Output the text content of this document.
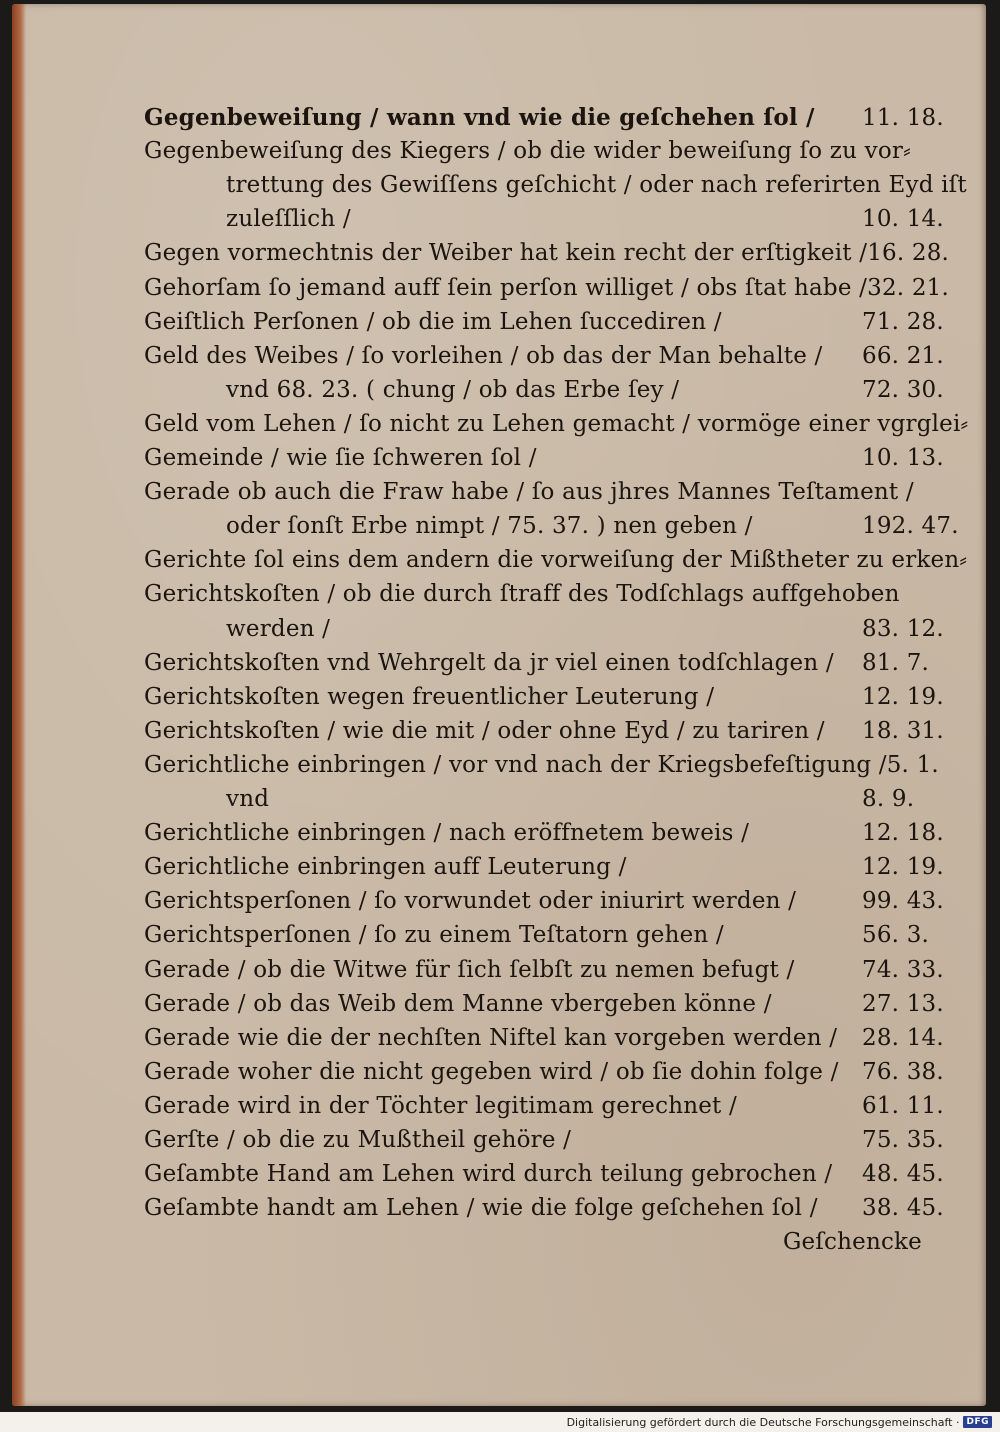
Gegenbeweiſung / wann vnd wie die geſchehen ſol /	11. 18.
Gegenbeweiſung des Kiegers / ob die wider beweiſung ſo zu vor⸗
trettung des Gewiſſens geſchicht / oder nach referirten Eyd iſt
zuleſſlich /	10. 14.
Gegen vormechtnis der Weiber hat kein recht der erſtigkeit / 16. 28.
Gehorſam ſo jemand auff ſein perſon williget / obs ſtat habe / 32. 21.
Geiſtlich Perſonen / ob die im Lehen ſuccediren /	71. 28.
Geld des Weibes / ſo vorleihen / ob das der Man behalte /	66. 21.
vnd 68. 23. ( chung / ob das Erbe ſey /	72. 30.
Geld vom Lehen / ſo nicht zu Lehen gemacht / vormöge einer vgrglei⸗
Gemeinde / wie ſie ſchweren ſol /	10. 13.
Gerade ob auch die Fraw habe / ſo aus jhres Mannes Teſtament /
oder ſonſt Erbe nimpt / 75. 37. ) nen geben /	192. 47.
Gerichte ſol eins dem andern die vorweiſung der Mißtheter zu erken⸗
Gerichtskoſten / ob die durch ſtraff des Todſchlags auffgehoben
werden /	83. 12.
Gerichtskoſten vnd Wehrgelt da jr viel einen todſchlagen /	81. 7.
Gerichtskoſten wegen freuentlicher Leuterung /	12. 19.
Gerichtskoſten / wie die mit / oder ohne Eyd / zu tariren /	18. 31.
Gerichtliche einbringen / vor vnd nach der Kriegsbefeſtigung / 5. 1.
vnd	8. 9.
Gerichtliche einbringen / nach eröffnetem beweis /	12. 18.
Gerichtliche einbringen auff Leuterung /	12. 19.
Gerichtsperſonen / ſo vorwundet oder iniurirt werden /	99. 43.
Gerichtsperſonen / ſo zu einem Teſtatorn gehen /	56. 3.
Gerade / ob die Witwe für ſich ſelbſt zu nemen befugt /	74. 33.
Gerade / ob das Weib dem Manne vbergeben könne /	27. 13.
Gerade wie die der nechſten Niftel kan vorgeben werden /	28. 14.
Gerade woher die nicht gegeben wird / ob ſie dohin folge /	76. 38.
Gerade wird in der Töchter legitimam gerechnet /	61. 11.
Gerſte / ob die zu Mußtheil gehöre /	75. 35.
Geſambte Hand am Lehen wird durch teilung gebrochen /	48. 45.
Geſambte handt am Lehen / wie die folge geſchehen ſol /	38. 45.
Geſchencke
Digitalisierung gefördert durch die Deutsche Forschungsgemeinschaft · DFG
